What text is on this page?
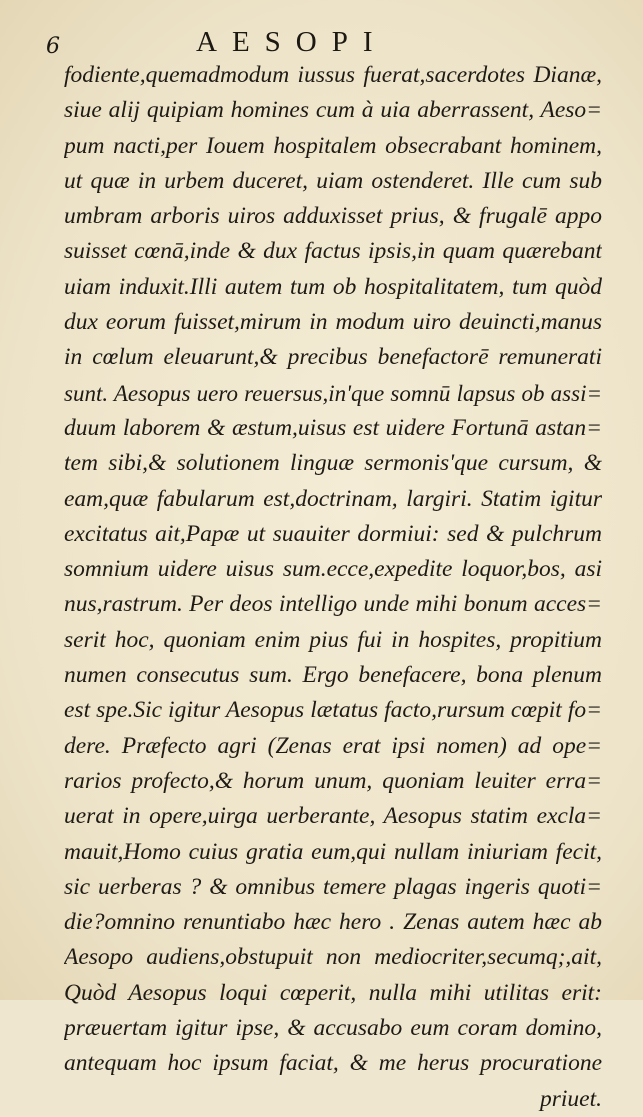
6	AESOPI
fodiente,quemadmodum iussus fuerat,sacerdotes Dianæ,
siue alij quipiam homines cum à uia aberrassent, Aeso=
pum nacti,per Iouem hospitalem obsecrabant hominem,
ut quæ in urbem duceret, uiam ostenderet. Ille cum sub
umbram arboris uiros adduxisset prius, & frugalē appo
suisset cœnā,inde & dux factus ipsis,in quam quærebant
uiam induxit.Illi autem tum ob hospitalitatem, tum quòd
dux eorum fuisset,mirum in modum uiro deuincti,manus
in cœlum eleuarunt,& precibus benefactorē remunerati
sunt. Aesopus uero reuersus,in'que somnū lapsus ob assi=
duum laborem & æstum,uisus est uidere Fortunā astan=
tem sibi,& solutionem linguæ sermonis'que cursum, &
eam,quæ fabularum est,doctrinam, largiri. Statim igitur
excitatus ait,Papæ ut suauiter dormiui: sed & pulchrum
somnium uidere uisus sum.ecce,expedite loquor,bos, asi
nus,rastrum. Per deos intelligo unde mihi bonum acces=
serit hoc, quoniam enim pius fui in hospites, propitium
numen consecutus sum. Ergo benefacere, bona plenum
est spe.Sic igitur Aesopus lætatus facto,rursum cœpit fo=
dere. Præfecto agri (Zenas erat ipsi nomen) ad ope=
rarios profecto,& horum unum, quoniam leuiter erra=
uerat in opere,uirga uerberante, Aesopus statim excla=
mauit,Homo cuius gratia eum,qui nullam iniuriam fecit,
sic uerberas ? & omnibus temere plagas ingeris quoti=
die?omnino renuntiabo hæc hero . Zenas autem hæc ab
Aesopo audiens,obstupuit non mediocriter,secumq;,ait,
Quòd Aesopus loqui cœperit, nulla mihi utilitas erit:
præuertam igitur ipse, & accusabo eum coram domino,
antequam hoc ipsum faciat, & me herus procuratione
priuet.
